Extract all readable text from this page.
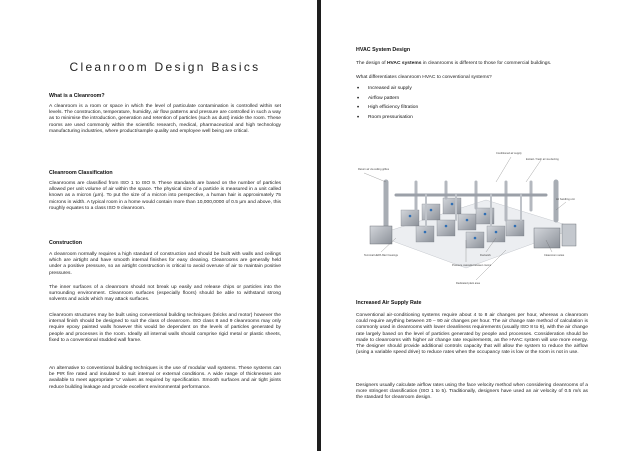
Cleanroom Design Basics
What is a Cleanroom?
A cleanroom is a room or space in which the level of particulate contamination is controlled within set levels. The construction, temperature, humidity, air flow patterns and pressure are controlled in such a way as to minimise the introduction, generation and retention of particles (such as dust) inside the room. These rooms are used commonly within the scientific research, medical, pharmaceutical and high technology manufacturing industries, where product/sample quality and employee well being are critical.
Cleanroom Classification
Cleanrooms are classified from ISO 1 to ISO 9. These standards are based on the number of particles allowed per unit volume of air within the space. The physical size of a particle is measured in a unit called known as a micron (µm). To put the size of a micron into perspective, a human hair is approximately 75 microns in width. A typical room in a home would contain more than 10,000,0000 of 0.5 µm and above, this roughly equates to a class ISO 9 cleanroom.
Construction
A cleanroom normally requires a high standard of construction and should be built with walls and ceilings which are airtight and have smooth internal finishes for easy cleaning. Cleanrooms are generally held under a positive pressure, so an airtight construction is critical to avoid overuse of air to maintain positive pressures.
The inner surfaces of a cleanroom should not break up easily and release chips or particles into the surrounding environment. Cleanroom surfaces (especially floors) should be able to withstand strong solvents and acids which may attack surfaces.
Cleanroom structures may be built using conventional building techniques (bricks and motor) however the internal finish should be designed to suit the class of cleanroom. ISO class 8 and 9 cleanrooms may only require epoxy painted walls however this would be dependent on the levels of particles generated by people and processes in the room. Ideally all internal walls should comprise rigid metal or plastic sheets, fixed to a conventional studded wall frame.
An alternative to conventional building techniques is the use of modular wall systems. These systems can be PIR fire rated and insulated to suit internal or external conditions. A wide range of thicknesses are available to meet appropriate 'U' values as required by specification. Smooth surfaces and air tight joints reduce building leakage and provide excellent environmental performance.
HVAC System Design
The design of HVAC systems in cleanrooms is different to those for commercial buildings.
What differentiates cleanroom HVAC to conventional systems?
• Increased air supply
• Airflow pattern
• High efficiency filtration
• Room pressurisation
Return air via ceiling grilles
Conditioned air supply
Extract / fresh air via ducting
Air handling unit
Terminal HEPA filter housings
Pressure cascade between rooms
Ductwork	Cleanroom suites
Dedicated plant area
Increased Air Supply Rate
Conventional air-conditioning systems require about 4 to 8 air changes per hour, whereas a cleanroom could require anything between 20 – 90 air changes per hour. The air change rate method of calculation is commonly used in cleanrooms with lower cleanliness requirements (usually ISO 8 to 9), with the air change rate largely based on the level of particles generated by people and processes. Consideration should be made to cleanrooms with higher air change rate requirements, as the HVAC system will use more energy. The designer should provide additional controls capacity that will allow the system to reduce the airflow (using a variable speed drive) to reduce rates when the occupancy rate is low or the room is not in use.
Designers usually calculate airflow rates using the face velocity method when considering cleanrooms of a more stringent classification (ISO 1 to 5). Traditionally, designers have used an air velocity of 0.5 m/s as the standard for cleanroom design.
